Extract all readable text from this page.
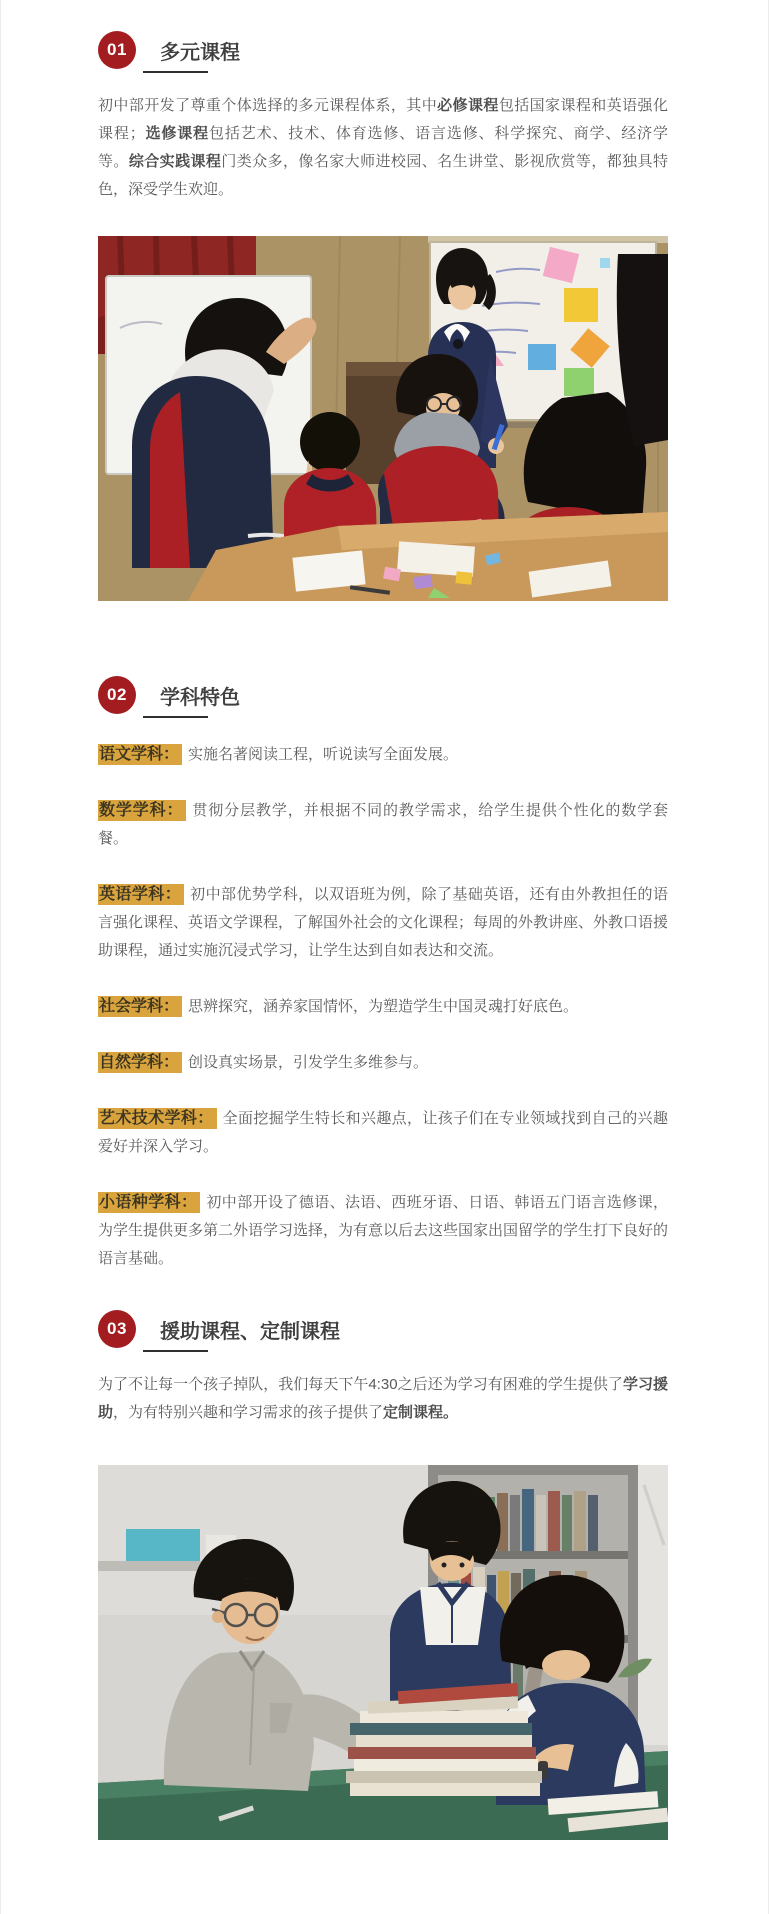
01	多元课程

初中部开发了尊重个体选择的多元课程体系，其中必修课程包括国家课程和英语强化课程；选修课程包括艺术、技术、体育选修、语言选修、科学探究、商学、经济学等。综合实践课程门类众多，像名家大师进校园、名生讲堂、影视欣赏等，都独具特色，深受学生欢迎。

02	学科特色

语文学科： 实施名著阅读工程，听说读写全面发展。

数学学科： 贯彻分层教学，并根据不同的教学需求，给学生提供个性化的数学套餐。

英语学科： 初中部优势学科，以双语班为例，除了基础英语，还有由外教担任的语言强化课程、英语文学课程，了解国外社会的文化课程；每周的外教讲座、外教口语援助课程，通过实施沉浸式学习，让学生达到自如表达和交流。

社会学科： 思辨探究，涵养家国情怀，为塑造学生中国灵魂打好底色。

自然学科： 创设真实场景，引发学生多维参与。

艺术技术学科： 全面挖掘学生特长和兴趣点，让孩子们在专业领域找到自己的兴趣爱好并深入学习。

小语种学科： 初中部开设了德语、法语、西班牙语、日语、韩语五门语言选修课，为学生提供更多第二外语学习选择，为有意以后去这些国家出国留学的学生打下良好的语言基础。

03	援助课程、定制课程

为了不让每一个孩子掉队，我们每天下午4:30之后还为学习有困难的学生提供了学习援助，为有特别兴趣和学习需求的孩子提供了定制课程。
